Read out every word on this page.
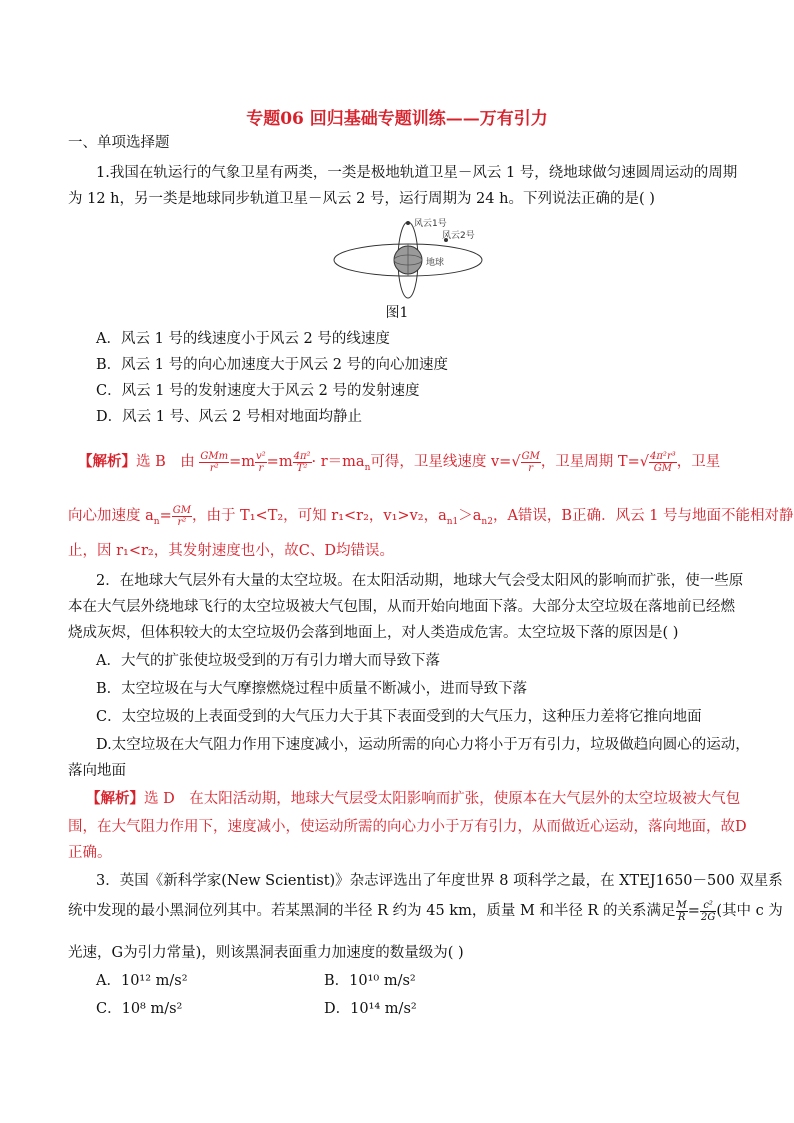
专题06 回归基础专题训练——万有引力
一、单项选择题
1.我国在轨运行的气象卫星有两类，一类是极地轨道卫星－风云 1 号，绕地球做匀速圆周运动的周期
为 12 h，另一类是地球同步轨道卫星－风云 2 号，运行周期为 24 h。下列说法正确的是( )
风云1号
风云2号
地球
图1
A．风云 1 号的线速度小于风云 2 号的线速度
B．风云 1 号的向心加速度大于风云 2 号的向心加速度
C．风云 1 号的发射速度大于风云 2 号的发射速度
D．风云 1 号、风云 2 号相对地面均静止
【解析】选 B　由 $\frac{\text{GMm}}{\text{r²}} =m \frac{\text{v²}}{r} =m \frac{\text{4π²}}{\text{T²}} \cdot r=ma_n$可得，卫星线速度 $v=√ \frac{GM}{r}$ ，卫星周期 $T=√ \frac{\text{4π²r³}}{GM}$ ，卫星
向心加速度 $a_n= \frac{GM}{\text{r²}}$ ，由于 T₁<T₂，可知 r₁<r₂，v₁>v₂，$a_{n1}>a_{n2}$，A错误，B正确．风云 1 号与地面不能相对静
止，因 r₁<r₂，其发射速度也小，故C、D均错误。
2．在地球大气层外有大量的太空垃圾。在太阳活动期，地球大气会受太阳风的影响而扩张，使一些原
本在大气层外绕地球飞行的太空垃圾被大气包围，从而开始向地面下落。大部分太空垃圾在落地前已经燃
烧成灰烬，但体积较大的太空垃圾仍会落到地面上，对人类造成危害。太空垃圾下落的原因是( )
A．大气的扩张使垃圾受到的万有引力增大而导致下落
B．太空垃圾在与大气摩擦燃烧过程中质量不断减小，进而导致下落
C．太空垃圾的上表面受到的大气压力大于其下表面受到的大气压力，这种压力差将它推向地面
D.太空垃圾在大气阻力作用下速度减小，运动所需的向心力将小于万有引力，垃圾做趋向圆心的运动，
落向地面
【解析】选 D　在太阳活动期，地球大气层受太阳影响而扩张，使原本在大气层外的太空垃圾被大气包
围，在大气阻力作用下，速度减小，使运动所需的向心力小于万有引力，从而做近心运动，落向地面，故D
正确。
3．英国《新科学家(New Scientist)》杂志评选出了年度世界 8 项科学之最，在 XTEJ1650－500 双星系
统中发现的最小黑洞位列其中。若某黑洞的半径 R 约为 45 km，质量 M 和半径 R 的关系满足 $\frac{M}{R} = \frac{\text{c²}}{2G}$ (其中 c 为
光速，G为引力常量)，则该黑洞表面重力加速度的数量级为( )
A．10¹² m/s²	B．10¹⁰ m/s²
C．10⁸ m/s²	D．10¹⁴ m/s²
